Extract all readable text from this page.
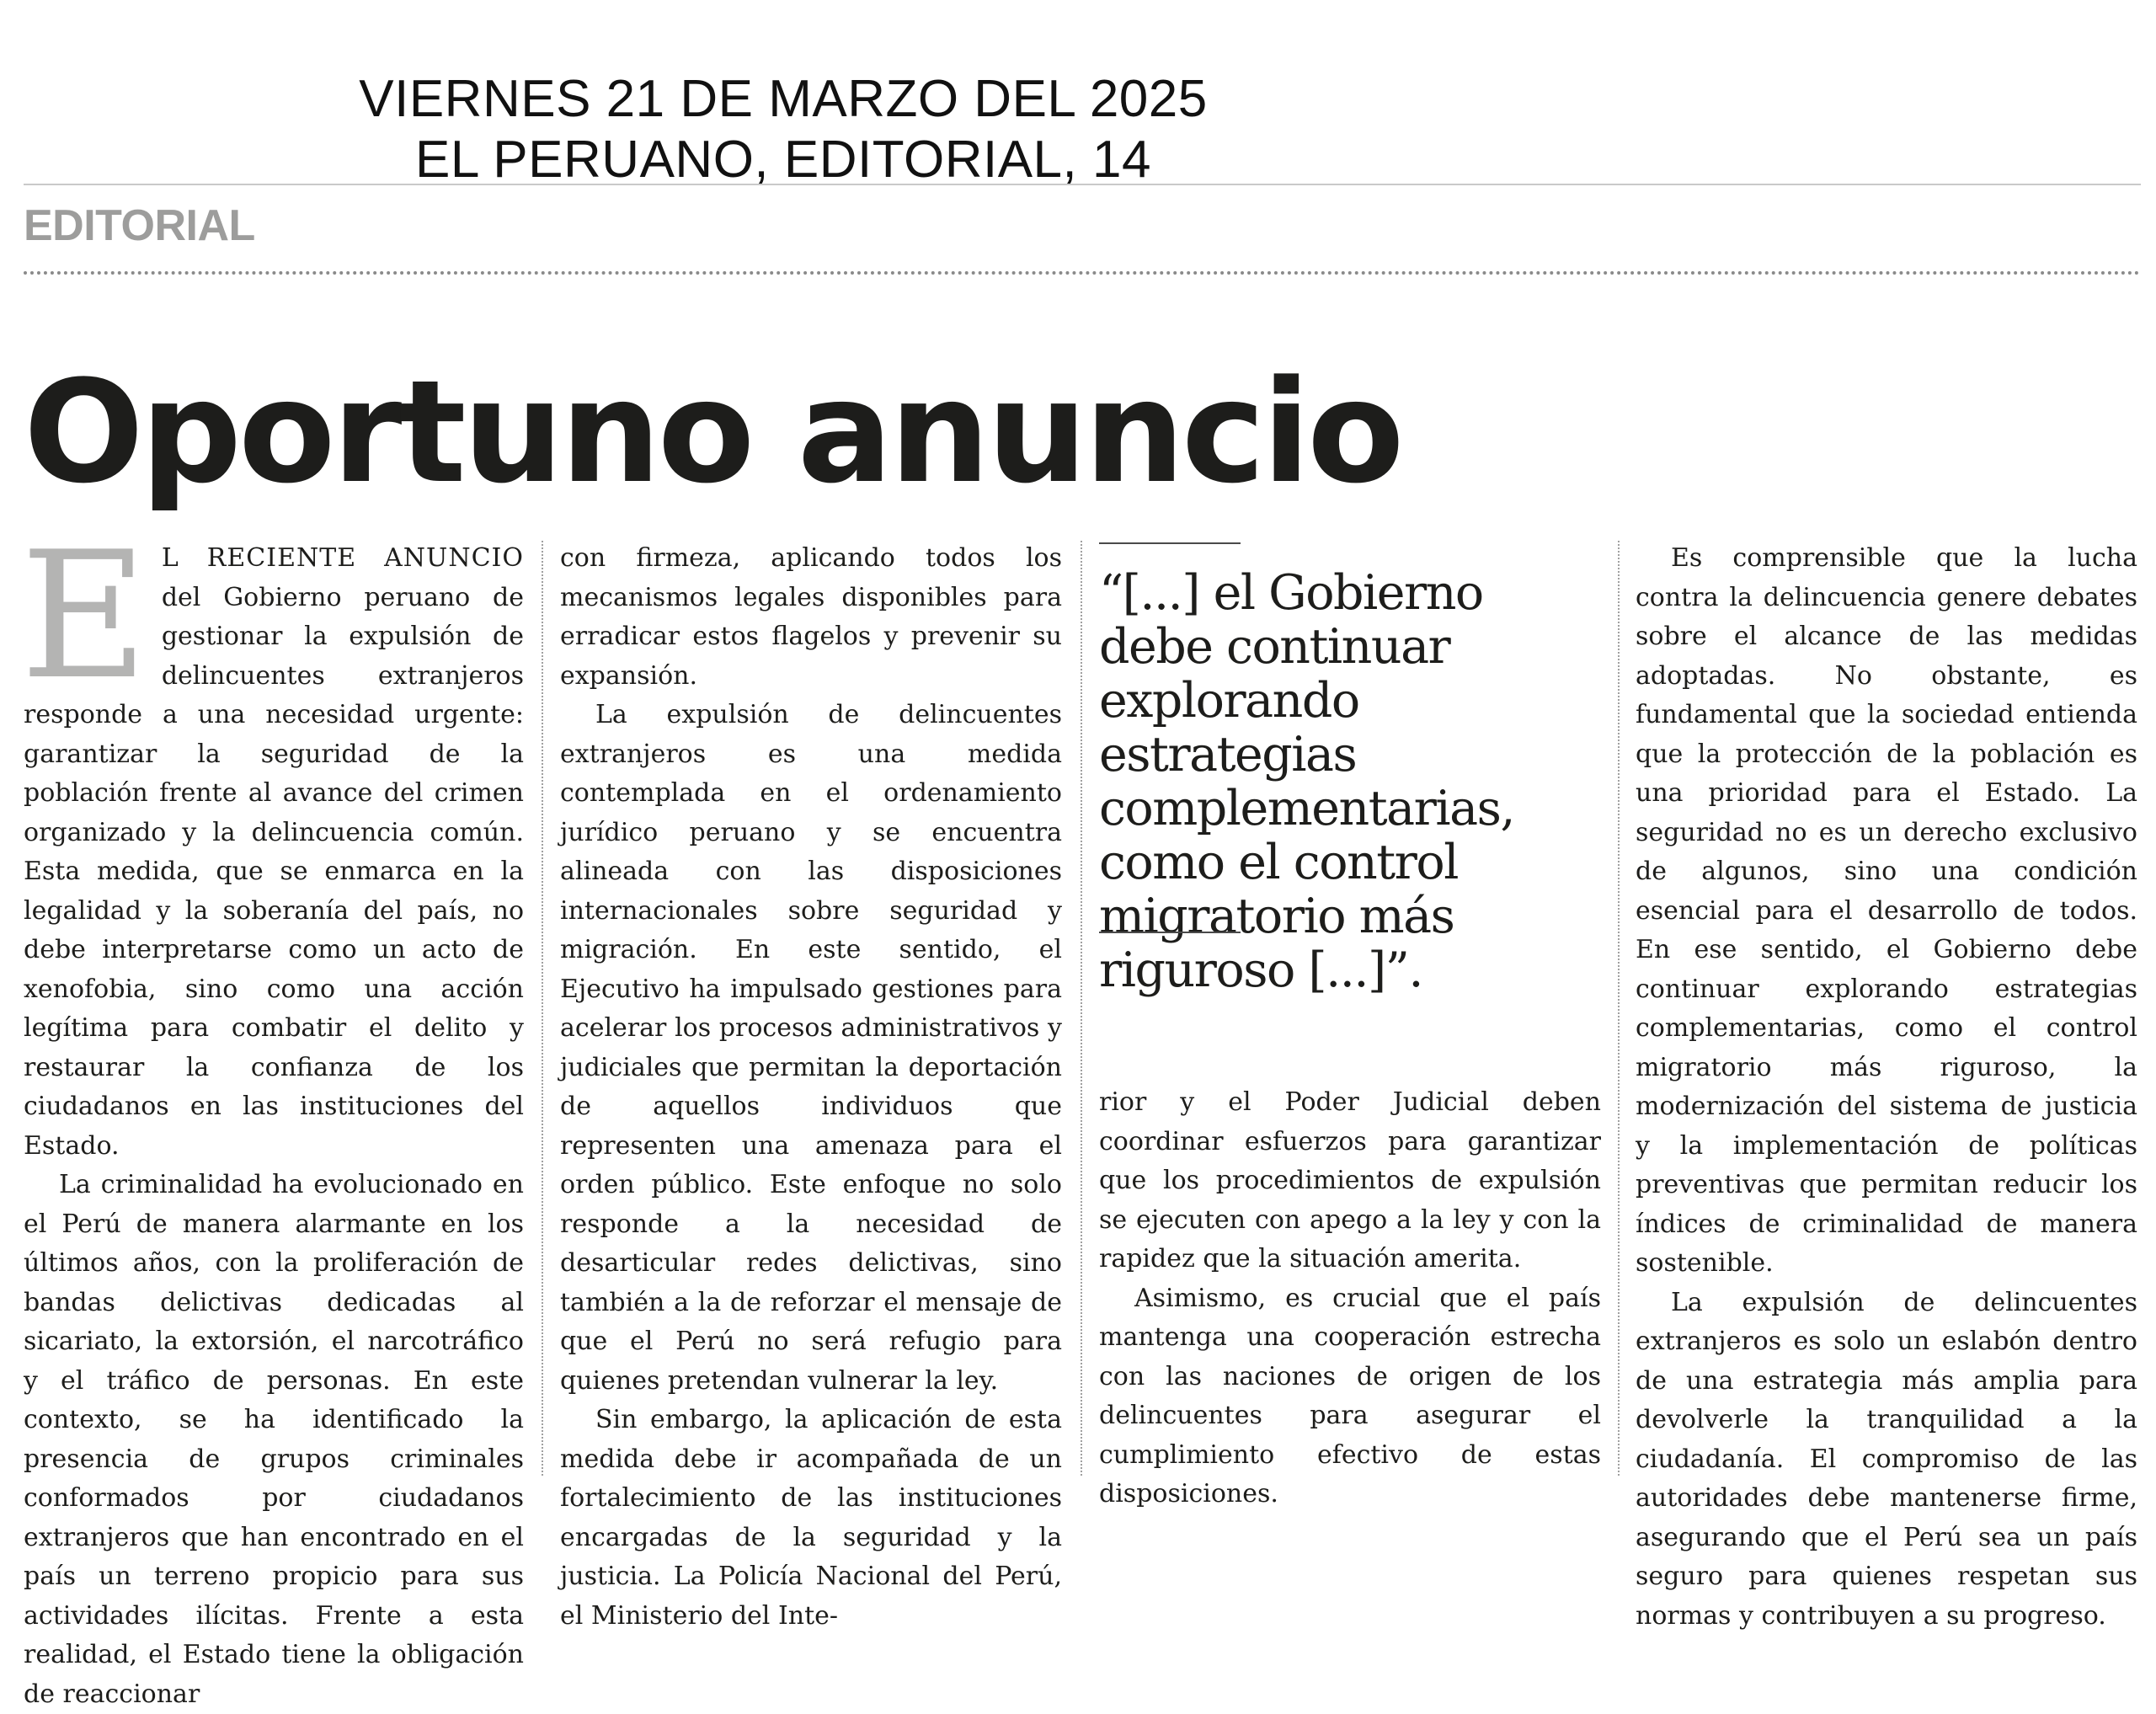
VIERNES 21 DE MARZO DEL 2025
EL PERUANO, EDITORIAL, 14
EDITORIAL
Oportuno anuncio

E L RECIENTE ANUNCIO del Gobierno peruano de gestionar la expulsión de delincuentes extranjeros responde a una necesidad urgente: garantizar la seguridad de la población frente al avance del crimen organizado y la delincuencia común. Esta medida, que se enmarca en la legalidad y la soberanía del país, no debe interpretarse como un acto de xenofobia, sino como una acción legítima para combatir el delito y restaurar la confianza de los ciudadanos en las instituciones del Estado.

La criminalidad ha evolucionado en el Perú de manera alarmante en los últimos años, con la proliferación de bandas delictivas dedicadas al sicariato, la extorsión, el narcotráfico y el tráfico de personas. En este contexto, se ha identificado la presencia de grupos criminales conformados por ciudadanos extranjeros que han encontrado en el país un terreno propicio para sus actividades ilícitas. Frente a esta realidad, el Estado tiene la obligación de reaccionar

con firmeza, aplicando todos los mecanismos legales disponibles para erradicar estos flagelos y prevenir su expansión.

La expulsión de delincuentes extranjeros es una medida contemplada en el ordenamiento jurídico peruano y se encuentra alineada con las disposiciones internacionales sobre seguridad y migración. En este sentido, el Ejecutivo ha impulsado gestiones para acelerar los procesos administrativos y judiciales que permitan la deportación de aquellos individuos que representen una amenaza para el orden público. Este enfoque no solo responde a la necesidad de desarticular redes delictivas, sino también a la de reforzar el mensaje de que el Perú no será refugio para quienes pretendan vulnerar la ley.

Sin embargo, la aplicación de esta medida debe ir acompañada de un fortalecimiento de las instituciones encargadas de la seguridad y la justicia. La Policía Nacional del Perú, el Ministerio del Inte-

“[...] el Gobierno debe continuar explorando estrategias complementarias, como el control migratorio más riguroso [...]”.

rior y el Poder Judicial deben coordinar esfuerzos para garantizar que los procedimientos de expulsión se ejecuten con apego a la ley y con la rapidez que la situación amerita.

Asimismo, es crucial que el país mantenga una cooperación estrecha con las naciones de origen de los delincuentes para asegurar el cumplimiento efectivo de estas disposiciones.

Es comprensible que la lucha contra la delincuencia genere debates sobre el alcance de las medidas adoptadas. No obstante, es fundamental que la sociedad entienda que la protección de la población es una prioridad para el Estado. La seguridad no es un derecho exclusivo de algunos, sino una condición esencial para el desarrollo de todos. En ese sentido, el Gobierno debe continuar explorando estrategias complementarias, como el control migratorio más riguroso, la modernización del sistema de justicia y la implementación de políticas preventivas que permitan reducir los índices de criminalidad de manera sostenible.

La expulsión de delincuentes extranjeros es solo un eslabón dentro de una estrategia más amplia para devolverle la tranquilidad a la ciudadanía. El compromiso de las autoridades debe mantenerse firme, asegurando que el Perú sea un país seguro para quienes respetan sus normas y contribuyen a su progreso.
